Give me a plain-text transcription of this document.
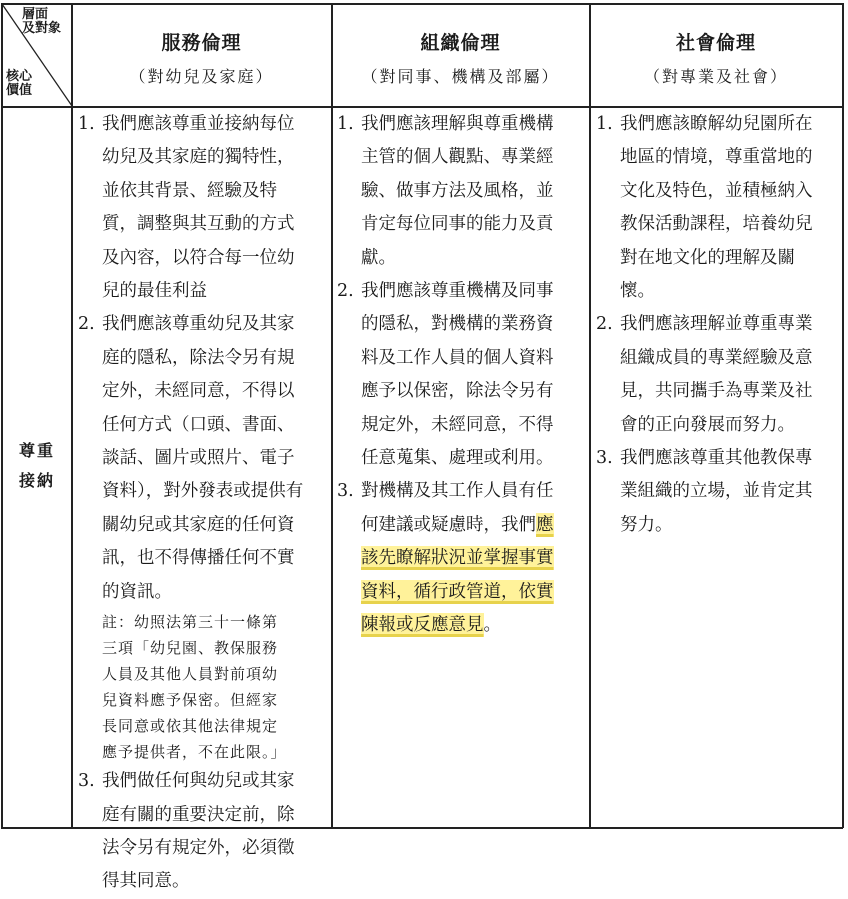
層面
及對象
核心
價值
服務倫理
（對幼兒及家庭）
組織倫理
（對同事、機構及部屬）
社會倫理
（對專業及社會）
尊重
接納
1. 我們應該尊重並接納每位
幼兒及其家庭的獨特性，
並依其背景、經驗及特
質，調整與其互動的方式
及內容，以符合每一位幼
兒的最佳利益
2. 我們應該尊重幼兒及其家
庭的隱私，除法令另有規
定外，未經同意，不得以
任何方式（口頭、書面、
談話、圖片或照片、電子
資料），對外發表或提供有
關幼兒或其家庭的任何資
訊，也不得傳播任何不實
的資訊。
註：幼照法第三十一條第
三項「幼兒園、教保服務
人員及其他人員對前項幼
兒資料應予保密。但經家
長同意或依其他法律規定
應予提供者，不在此限。」
3. 我們做任何與幼兒或其家
庭有關的重要決定前，除
法令另有規定外，必須徵
得其同意。
1. 我們應該理解與尊重機構
主管的個人觀點、專業經
驗、做事方法及風格，並
肯定每位同事的能力及貢
獻。
2. 我們應該尊重機構及同事
的隱私，對機構的業務資
料及工作人員的個人資料
應予以保密，除法令另有
規定外，未經同意，不得
任意蒐集、處理或利用。
3. 對機構及其工作人員有任
何建議或疑慮時，我們應
該先瞭解狀況並掌握事實
資料，循行政管道，依實
陳報或反應意見。
1. 我們應該瞭解幼兒園所在
地區的情境，尊重當地的
文化及特色，並積極納入
教保活動課程，培養幼兒
對在地文化的理解及關
懷。
2. 我們應該理解並尊重專業
組織成員的專業經驗及意
見，共同攜手為專業及社
會的正向發展而努力。
3. 我們應該尊重其他教保專
業組織的立場，並肯定其
努力。
